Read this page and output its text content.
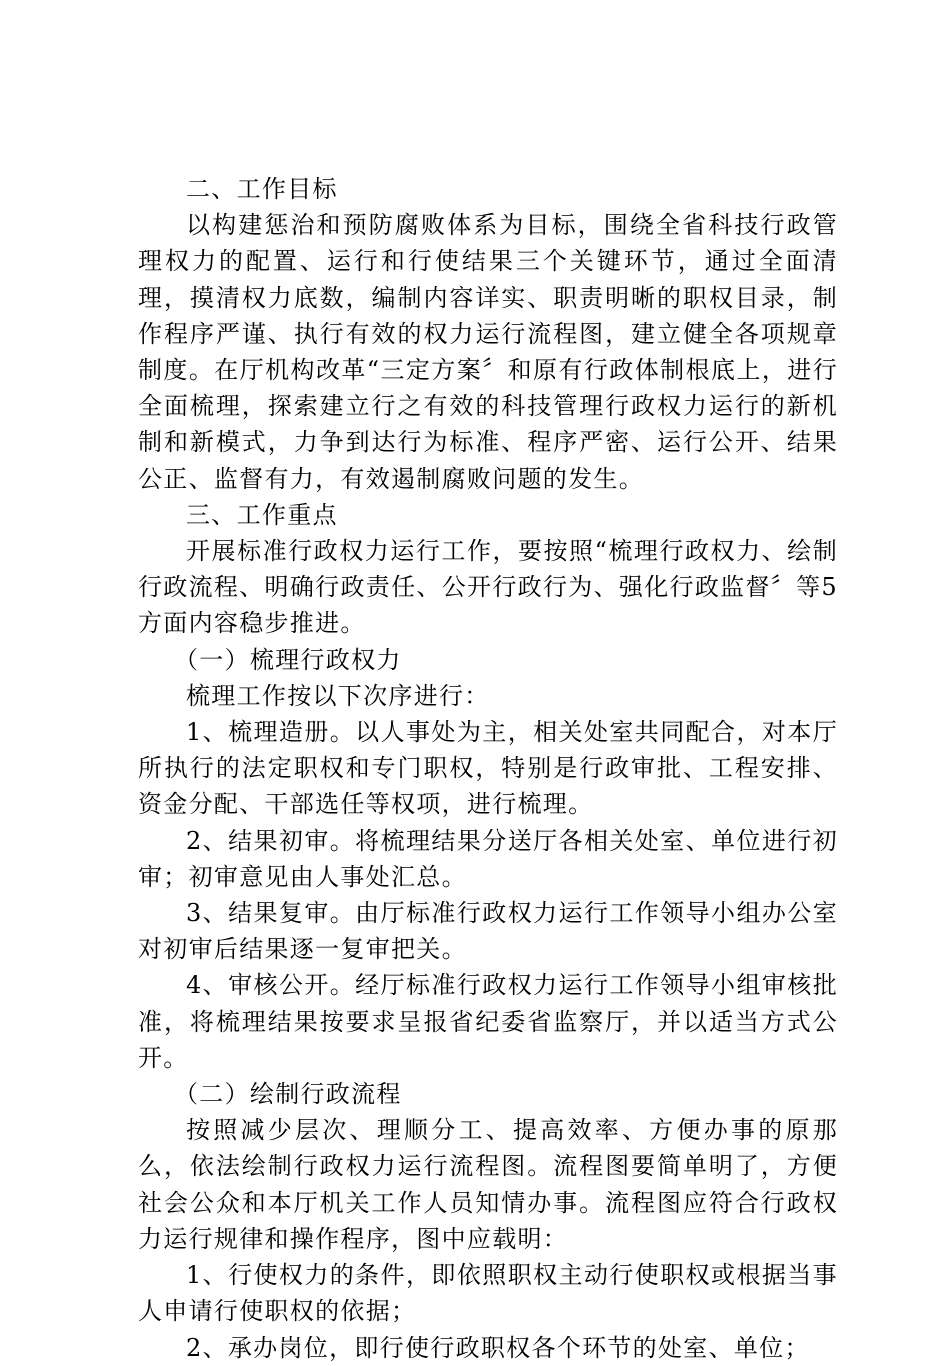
二、工作目标

以构建惩治和预防腐败体系为目标，围绕全省科技行政管理权力的配置、运行和行使结果三个关键环节，通过全面清理，摸清权力底数，编制内容详实、职责明晰的职权目录，制作程序严谨、执行有效的权力运行流程图，建立健全各项规章制度。在厅机构改革“三定方案〞和原有行政体制根底上，进行全面梳理，探索建立行之有效的科技管理行政权力运行的新机制和新模式，力争到达行为标准、程序严密、运行公开、结果公正、监督有力，有效遏制腐败问题的发生。

三、工作重点

开展标准行政权力运行工作，要按照“梳理行政权力、绘制行政流程、明确行政责任、公开行政行为、强化行政监督〞等5方面内容稳步推进。

（一）梳理行政权力

梳理工作按以下次序进行：

1、梳理造册。以人事处为主，相关处室共同配合，对本厅所执行的法定职权和专门职权，特别是行政审批、工程安排、资金分配、干部选任等权项，进行梳理。

2、结果初审。将梳理结果分送厅各相关处室、单位进行初审；初审意见由人事处汇总。

3、结果复审。由厅标准行政权力运行工作领导小组办公室对初审后结果逐一复审把关。

4、审核公开。经厅标准行政权力运行工作领导小组审核批准，将梳理结果按要求呈报省纪委省监察厅，并以适当方式公开。

（二）绘制行政流程

按照减少层次、理顺分工、提高效率、方便办事的原那么，依法绘制行政权力运行流程图。流程图要简单明了，方便社会公众和本厅机关工作人员知情办事。流程图应符合行政权力运行规律和操作程序，图中应载明：

1、行使权力的条件，即依照职权主动行使职权或根据当事人申请行使职权的依据；

2、承办岗位，即行使行政职权各个环节的处室、单位；
